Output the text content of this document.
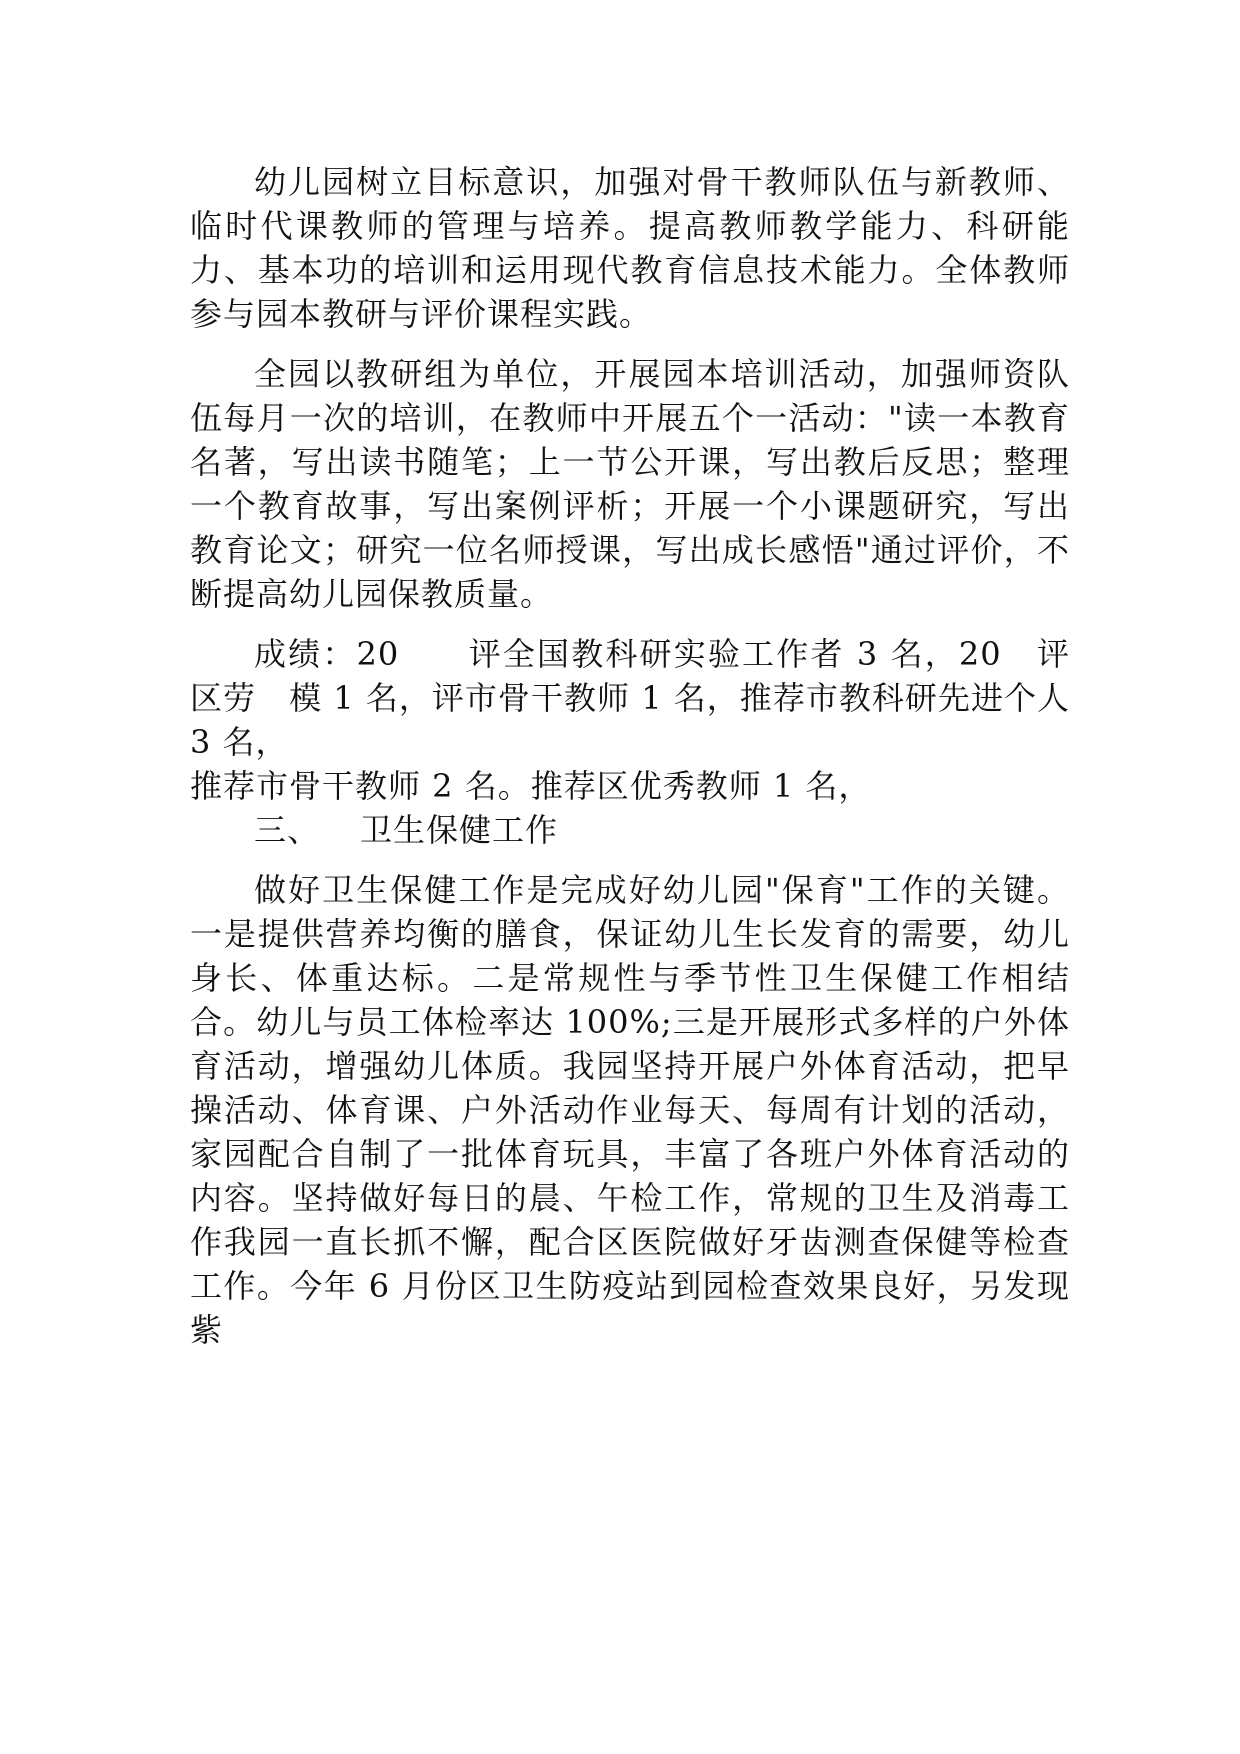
幼儿园树立目标意识，加强对骨干教师队伍与新教师、临时代课教师的管理与培养。提高教师教学能力、科研能力、基本功的培训和运用现代教育信息技术能力。全体教师参与园本教研与评价课程实践。

全园以教研组为单位，开展园本培训活动，加强师资队伍每月一次的培训，在教师中开展五个一活动："读一本教育名著，写出读书随笔；上一节公开课，写出教后反思；整理一个教育故事，写出案例评析；开展一个小课题研究，写出教育论文；研究一位名师授课，写出成长感悟"通过评价，不断提高幼儿园保教质量。

成绩：20　　评全国教科研实验工作者 3 名，20　评区劳　模 1 名，评市骨干教师 1 名，推荐市教科研先进个人 3 名，

推荐市骨干教师 2 名。推荐区优秀教师 1 名，

三、 卫生保健工作

做好卫生保健工作是完成好幼儿园"保育"工作的关键。一是提供营养均衡的膳食，保证幼儿生长发育的需要，幼儿身长、体重达标。二是常规性与季节性卫生保健工作相结合。幼儿与员工体检率达 100%;三是开展形式多样的户外体育活动，增强幼儿体质。我园坚持开展户外体育活动，把早操活动、体育课、户外活动作业每天、每周有计划的活动，家园配合自制了一批体育玩具，丰富了各班户外体育活动的内容。坚持做好每日的晨、午检工作，常规的卫生及消毒工作我园一直长抓不懈，配合区医院做好牙齿测查保健等检查工作。今年 6 月份区卫生防疫站到园检查效果良好，另发现紫
